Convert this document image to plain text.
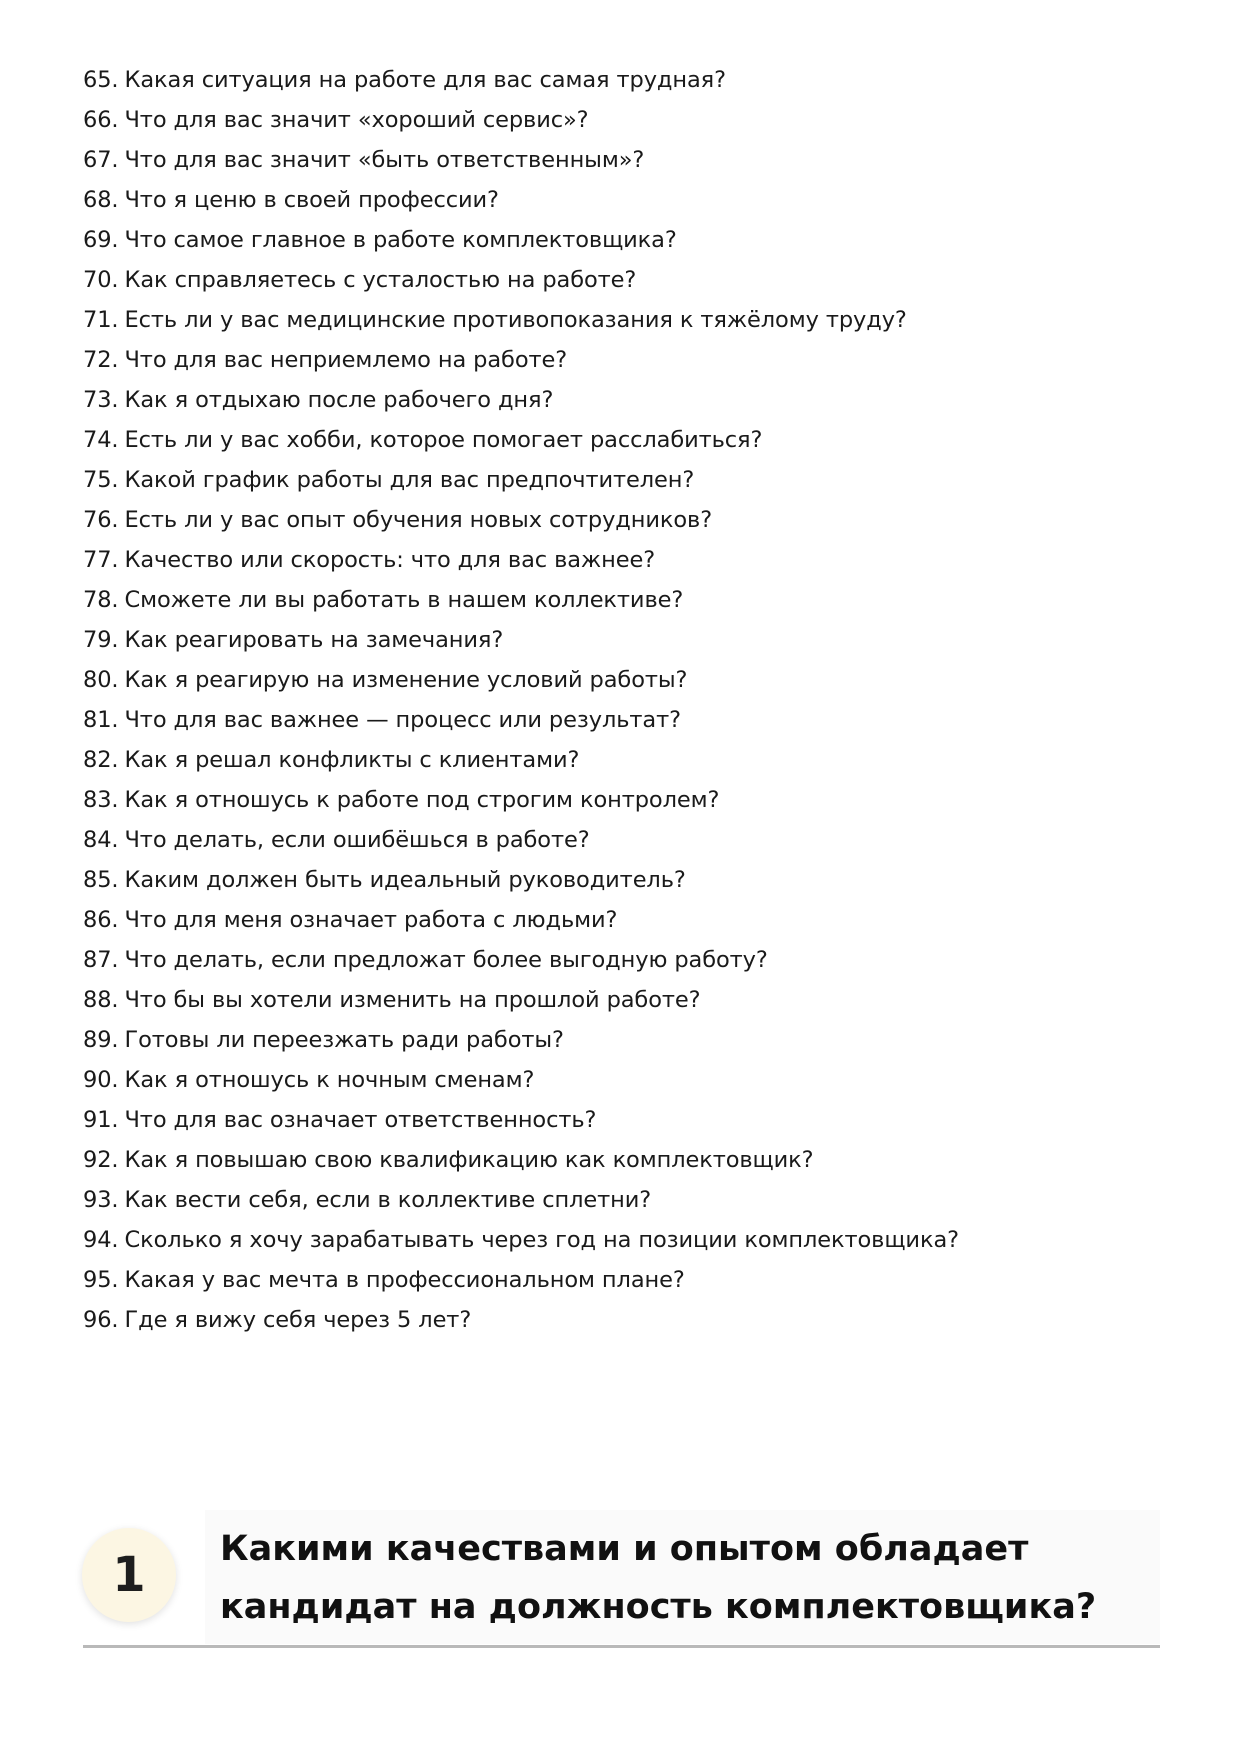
65. Какая ситуация на работе для вас самая трудная?
66. Что для вас значит «хороший сервис»?
67. Что для вас значит «быть ответственным»?
68. Что я ценю в своей профессии?
69. Что самое главное в работе комплектовщика?
70. Как справляетесь с усталостью на работе?
71. Есть ли у вас медицинские противопоказания к тяжёлому труду?
72. Что для вас неприемлемо на работе?
73. Как я отдыхаю после рабочего дня?
74. Есть ли у вас хобби, которое помогает расслабиться?
75. Какой график работы для вас предпочтителен?
76. Есть ли у вас опыт обучения новых сотрудников?
77. Качество или скорость: что для вас важнее?
78. Сможете ли вы работать в нашем коллективе?
79. Как реагировать на замечания?
80. Как я реагирую на изменение условий работы?
81. Что для вас важнее — процесс или результат?
82. Как я решал конфликты с клиентами?
83. Как я отношусь к работе под строгим контролем?
84. Что делать, если ошибёшься в работе?
85. Каким должен быть идеальный руководитель?
86. Что для меня означает работа с людьми?
87. Что делать, если предложат более выгодную работу?
88. Что бы вы хотели изменить на прошлой работе?
89. Готовы ли переезжать ради работы?
90. Как я отношусь к ночным сменам?
91. Что для вас означает ответственность?
92. Как я повышаю свою квалификацию как комплектовщик?
93. Как вести себя, если в коллективе сплетни?
94. Сколько я хочу зарабатывать через год на позиции комплектовщика?
95. Какая у вас мечта в профессиональном плане?
96. Где я вижу себя через 5 лет?
1	Какими качествами и опытом обладает кандидат на должность комплектовщика?
